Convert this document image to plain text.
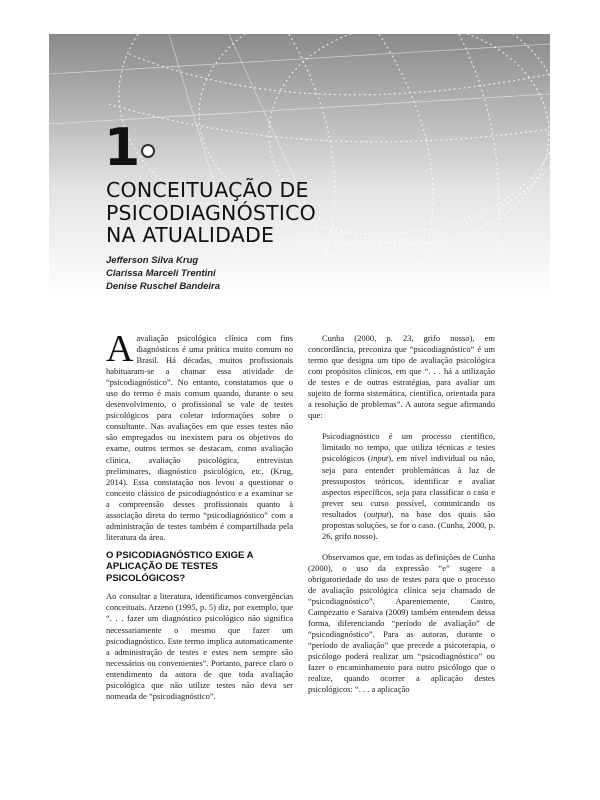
1
CONCEITUAÇÃO DE
PSICODIAGNÓSTICO
NA ATUALIDADE
Jefferson Silva Krug
Clarissa Marceli Trentini
Denise Ruschel Bandeira

Aavaliação psicológica clínica com fins diagnósticos é uma prática muito comum no Brasil. Há décadas, muitos profissionais habituaram-se a chamar essa atividade de “psicodiagnóstico”. No entanto, constatamos que o uso do termo é mais comum quando, durante o seu desenvolvimento, o profissional se vale de testes psicológicos para coletar informações sobre o consultante. Nas avaliações em que esses testes não são empregados ou inexistem para os objetivos do exame, outros termos se destacam, como avaliação clínica, avaliação psicológica, entrevistas preliminares, diagnóstico psicológico, etc. (Krug, 2014). Essa constatação nos levou a questionar o conceito clássico de psicodiagnóstico e a examinar se a compreensão desses profissionais quanto à associação direta do termo “psicodiagnóstico” com a administração de testes também é compartilhada pela literatura da área.

O PSICODIAGNÓSTICO EXIGE A APLICAÇÃO DE TESTES PSICOLÓGICOS?

Ao consultar a literatura, identificamos convergências conceituais. Arzeno (1995, p. 5) diz, por exemplo, que “. . . fazer um diagnóstico psicológico não significa necessariamente o mesmo que fazer um psicodiagnóstico. Este termo implica automaticamente a administração de testes e estes nem sempre são necessários ou convenientes”. Portanto, parece claro o entendimento da autora de que toda avaliação psicológica que não utilize testes não deva ser nomeada de “psicodiagnóstico”.

Cunha (2000, p. 23, grifo nosso), em concordância, preconiza que “psicodiagnóstico” é um termo que designa um tipo de avaliação psicológica com propósitos clínicos, em que “. . . há a utilização de testes e de outras estratégias, para avaliar um sujeito de forma sistemática, científica, orientada para a resolução de problemas”. A autora segue afirmando que:

Psicodiagnóstico é um processo científico, limitado no tempo, que utiliza técnicas e testes psicológicos (input), em nível individual ou não, seja para entender problemáticas à luz de pressupostos teóricos, identificar e avaliar aspectos específicos, seja para classificar o caso e prever seu curso possível, comunicando os resultados (output), na base dos quais são propostas soluções, se for o caso. (Cunha, 2000, p. 26, grifo nosso).

Observamos que, em todas as definições de Cunha (2000), o uso da expressão “e” sugere a obrigatoriedade do uso de testes para que o processo de avaliação psicológica clínica seja chamado de “psicodiagnóstico”. Aparentemente, Castro, Campezatto e Saraiva (2009) também entendem dessa forma, diferenciando “período de avaliação” de “psicodiagnóstico”. Para as autoras, durante o “período de avaliação” que precede a psicoterapia, o psicólogo poderá realizar um “psicodiagnóstico” ou fazer o encaminhamento para outro psicólogo que o realize, quando ocorrer a aplicação destes psicológicos: “. . . a aplicação
